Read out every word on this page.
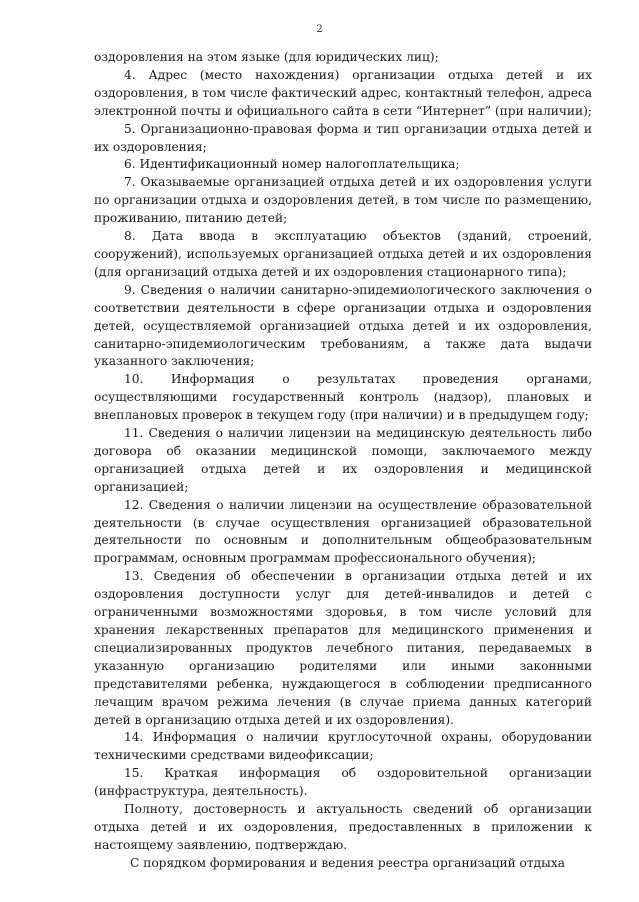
2

оздоровления на этом языке (для юридических лиц);

4. Адрес (место нахождения) организации отдыха детей и их оздоровления, в том числе фактический адрес, контактный телефон, адреса электронной почты и официального сайта в сети “Интернет” (при наличии);

5. Организационно-правовая форма и тип организации отдыха детей и их оздоровления;

6. Идентификационный номер налогоплательщика;

7. Оказываемые организацией отдыха детей и их оздоровления услуги по организации отдыха и оздоровления детей, в том числе по размещению, проживанию, питанию детей;

8. Дата ввода в эксплуатацию объектов (зданий, строений, сооружений), используемых организацией отдыха детей и их оздоровления (для организаций отдыха детей и их оздоровления стационарного типа);

9. Сведения о наличии санитарно-эпидемиологического заключения о соответствии деятельности в сфере организации отдыха и оздоровления детей, осуществляемой организацией отдыха детей и их оздоровления, санитарно-эпидемиологическим требованиям, а также дата выдачи указанного заключения;

10. Информация о результатах проведения органами, осуществляющими государственный контроль (надзор), плановых и внеплановых проверок в текущем году (при наличии) и в предыдущем году;

11. Сведения о наличии лицензии на медицинскую деятельность либо договора об оказании медицинской помощи, заключаемого между организацией отдыха детей и их оздоровления и медицинской организацией;

12. Сведения о наличии лицензии на осуществление образовательной деятельности (в случае осуществления организацией образовательной деятельности по основным и дополнительным общеобразовательным программам, основным программам профессионального обучения);

13. Сведения об обеспечении в организации отдыха детей и их оздоровления доступности услуг для детей-инвалидов и детей с ограниченными возможностями здоровья, в том числе условий для хранения лекарственных препаратов для медицинского применения и специализированных продуктов лечебного питания, передаваемых в указанную организацию родителями или иными законными представителями ребенка, нуждающегося в соблюдении предписанного лечащим врачом режима лечения (в случае приема данных категорий детей в организацию отдыха детей и их оздоровления).

14. Информация о наличии круглосуточной охраны, оборудовании техническими средствами видеофиксации;

15. Краткая информация об оздоровительной организации (инфраструктура, деятельность).

Полноту, достоверность и актуальность сведений об организации отдыха детей и их оздоровления, предоставленных в приложении к настоящему заявлению, подтверждаю.

С порядком формирования и ведения реестра организаций отдыха
